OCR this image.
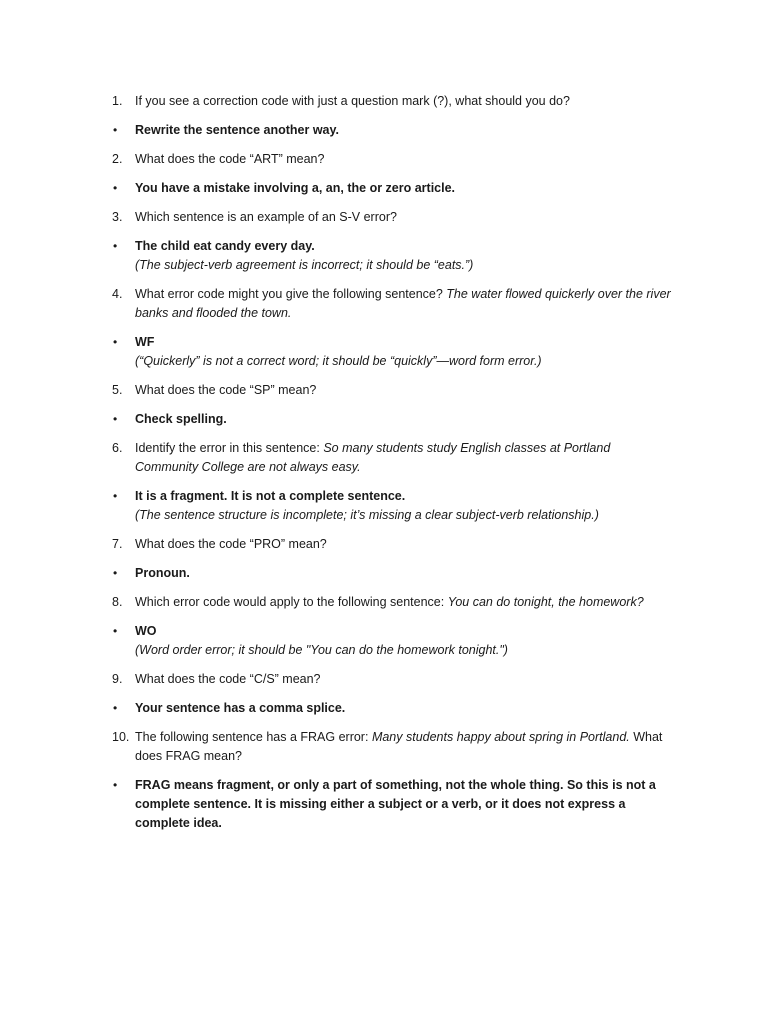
1.	If you see a correction code with just a question mark (?), what should you do?
•	Rewrite the sentence another way.
2.	What does the code “ART” mean?
•	You have a mistake involving a, an, the or zero article.
3.	Which sentence is an example of an S-V error?
•	The child eat candy every day.
(The subject-verb agreement is incorrect; it should be “eats.”)
4.	What error code might you give the following sentence? The water flowed quickerly over the river banks and flooded the town.
•	WF
(“Quickerly” is not a correct word; it should be “quickly”—word form error.)
5.	What does the code “SP” mean?
•	Check spelling.
6.	Identify the error in this sentence: So many students study English classes at Portland Community College are not always easy.
•	It is a fragment. It is not a complete sentence.
(The sentence structure is incomplete; it’s missing a clear subject-verb relationship.)
7.	What does the code “PRO” mean?
•	Pronoun.
8.	Which error code would apply to the following sentence: You can do tonight, the homework?
•	WO
(Word order error; it should be "You can do the homework tonight.")
9.	What does the code “C/S” mean?
•	Your sentence has a comma splice.
10. The following sentence has a FRAG error: Many students happy about spring in Portland. What does FRAG mean?
•	FRAG means fragment, or only a part of something, not the whole thing. So this is not a complete sentence. It is missing either a subject or a verb, or it does not express a complete idea.
